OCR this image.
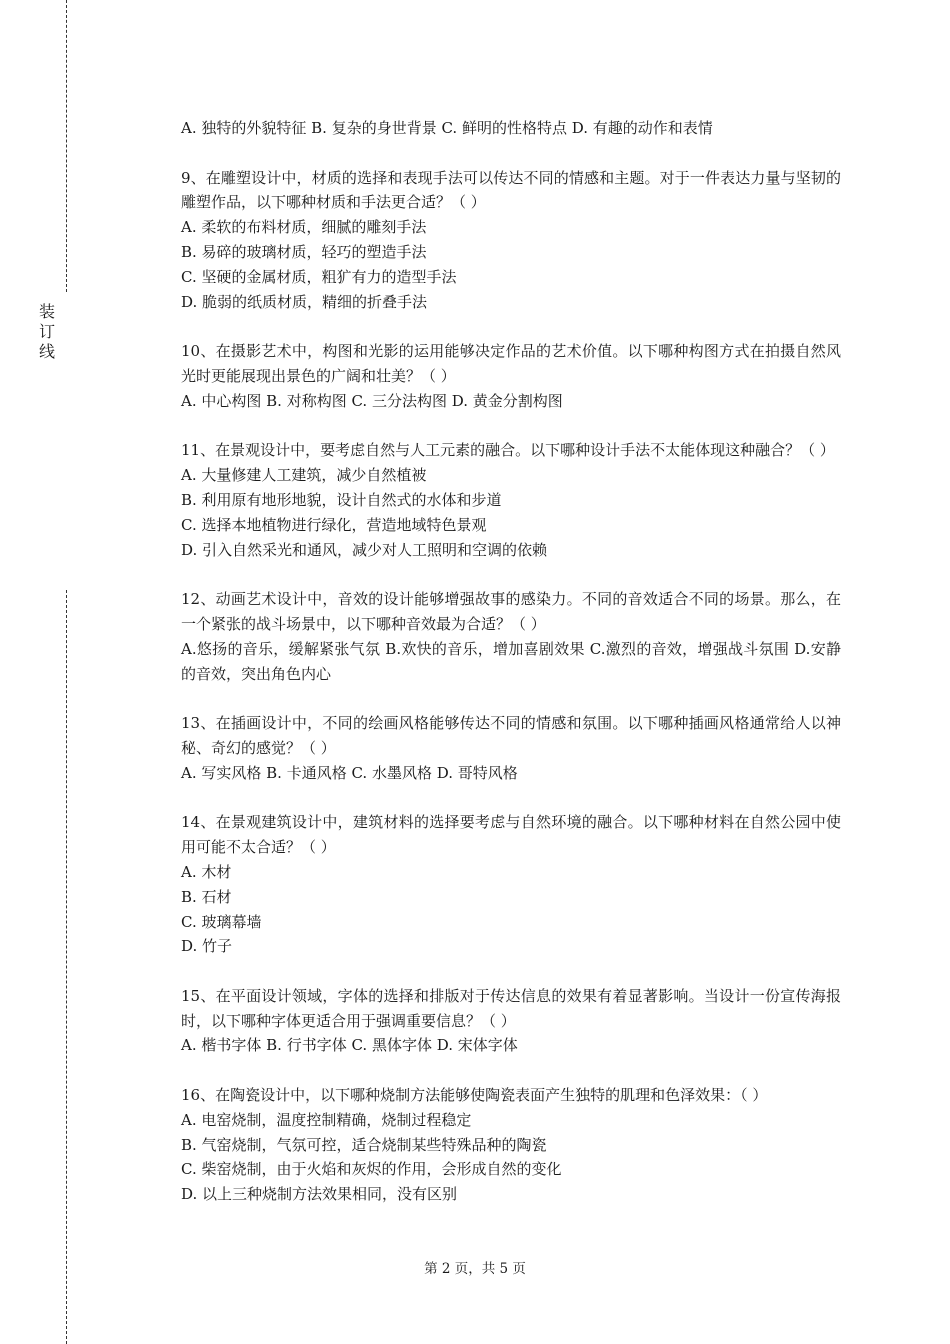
装
订
线

A. 独特的外貌特征 B. 复杂的身世背景 C. 鲜明的性格特点 D. 有趣的动作和表情

9、在雕塑设计中，材质的选择和表现手法可以传达不同的情感和主题。对于一件表达力量与坚韧的雕塑作品，以下哪种材质和手法更合适？（ ）

A. 柔软的布料材质，细腻的雕刻手法

B. 易碎的玻璃材质，轻巧的塑造手法

C. 坚硬的金属材质，粗犷有力的造型手法

D. 脆弱的纸质材质，精细的折叠手法

10、在摄影艺术中，构图和光影的运用能够决定作品的艺术价值。以下哪种构图方式在拍摄自然风光时更能展现出景色的广阔和壮美？（ ）

A. 中心构图 B. 对称构图 C. 三分法构图 D. 黄金分割构图

11、在景观设计中，要考虑自然与人工元素的融合。以下哪种设计手法不太能体现这种融合？（ ）

A. 大量修建人工建筑，减少自然植被

B. 利用原有地形地貌，设计自然式的水体和步道

C. 选择本地植物进行绿化，营造地域特色景观

D. 引入自然采光和通风，减少对人工照明和空调的依赖

12、动画艺术设计中，音效的设计能够增强故事的感染力。不同的音效适合不同的场景。那么，在一个紧张的战斗场景中，以下哪种音效最为合适？（ ）

A.悠扬的音乐，缓解紧张气氛 B.欢快的音乐，增加喜剧效果 C.激烈的音效，增强战斗氛围 D.安静的音效，突出角色内心

13、在插画设计中，不同的绘画风格能够传达不同的情感和氛围。以下哪种插画风格通常给人以神秘、奇幻的感觉？（ ）

A. 写实风格 B. 卡通风格 C. 水墨风格 D. 哥特风格

14、在景观建筑设计中，建筑材料的选择要考虑与自然环境的融合。以下哪种材料在自然公园中使用可能不太合适？（ ）

A. 木材

B. 石材

C. 玻璃幕墙

D. 竹子

15、在平面设计领域，字体的选择和排版对于传达信息的效果有着显著影响。当设计一份宣传海报时，以下哪种字体更适合用于强调重要信息？（ ）

A. 楷书字体 B. 行书字体 C. 黑体字体 D. 宋体字体

16、在陶瓷设计中，以下哪种烧制方法能够使陶瓷表面产生独特的肌理和色泽效果：（ ）

A. 电窑烧制，温度控制精确，烧制过程稳定

B. 气窑烧制，气氛可控，适合烧制某些特殊品种的陶瓷

C. 柴窑烧制，由于火焰和灰烬的作用，会形成自然的变化

D. 以上三种烧制方法效果相同，没有区别

第 2 页，共 5 页
